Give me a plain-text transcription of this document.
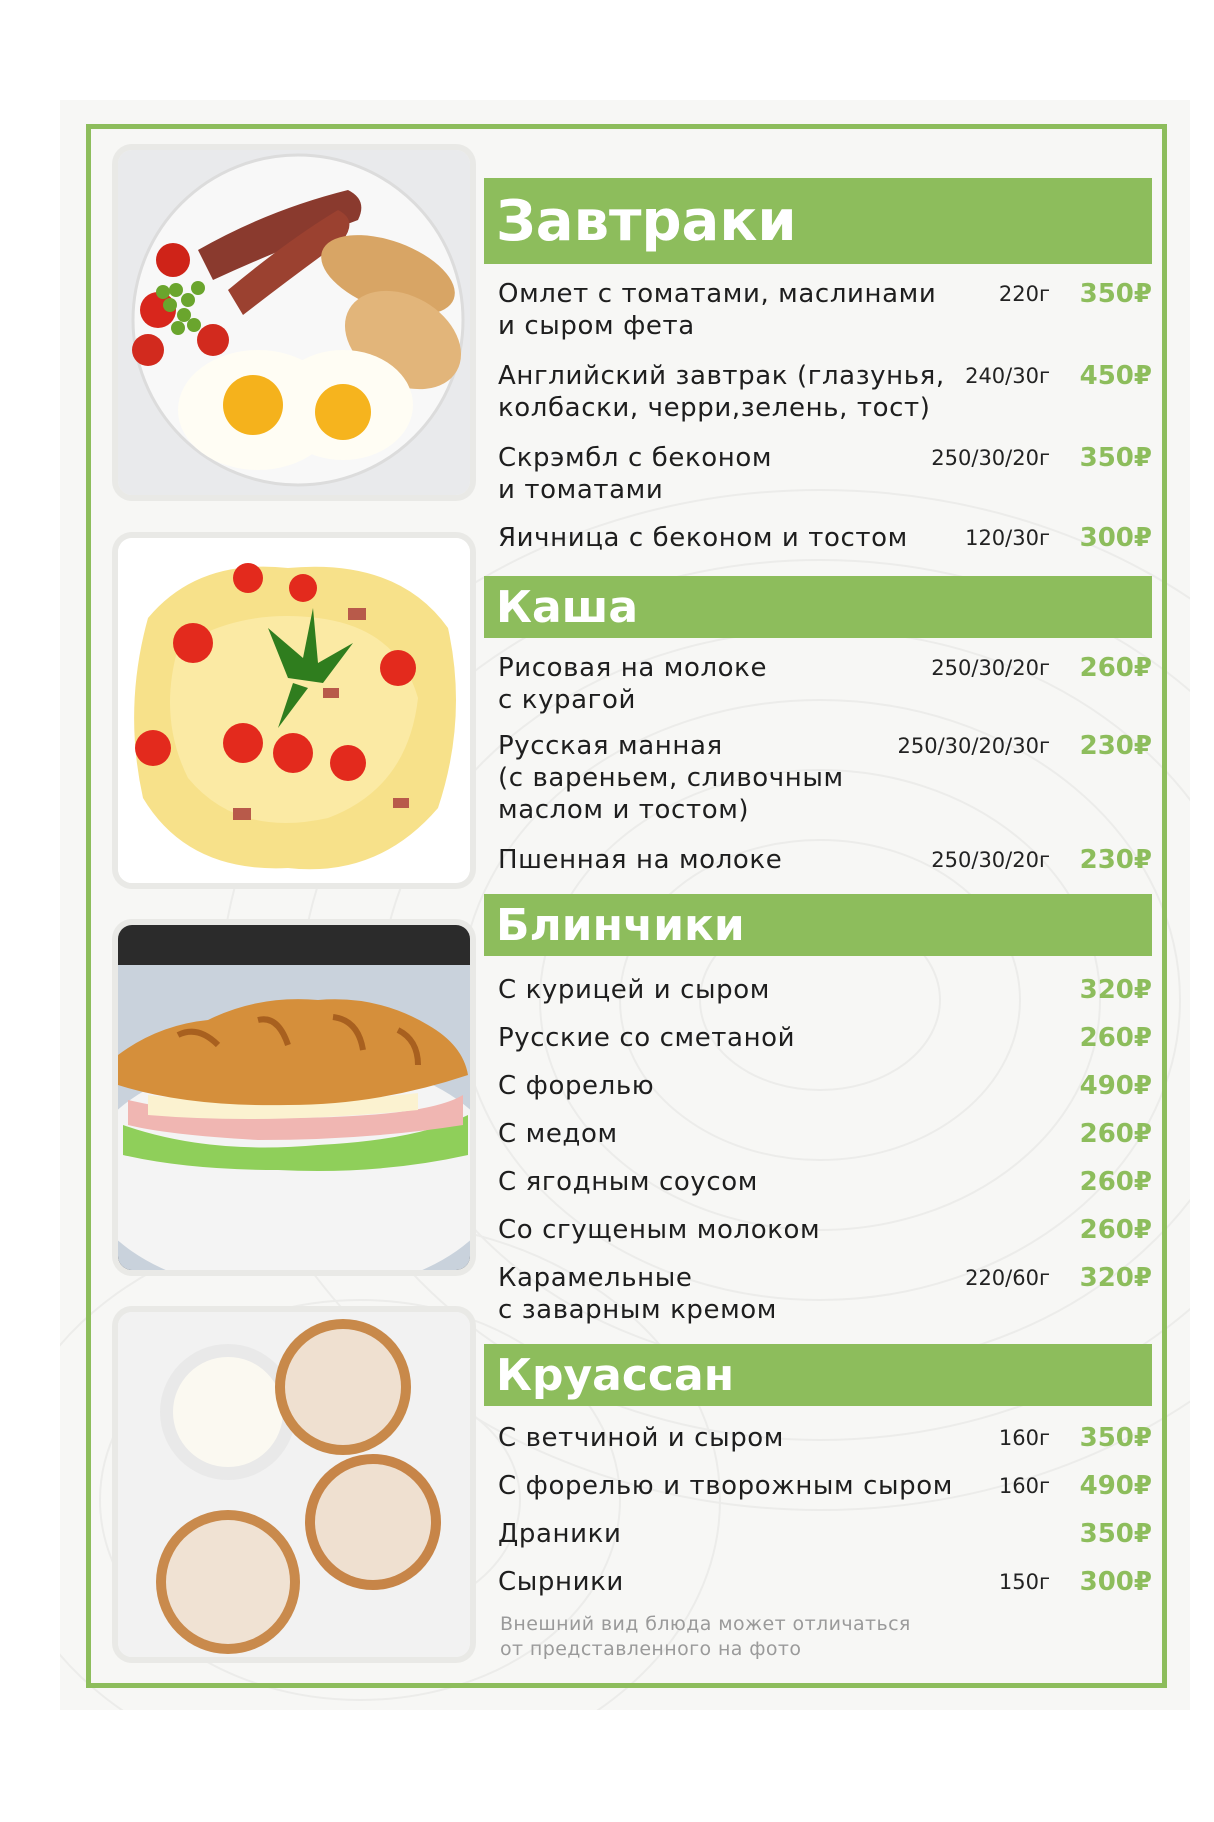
Завтраки
Омлет с томатами, маслинами
и сыром фета
220г 350₽
Английский завтрак (глазунья,
колбаски, черри,зелень, тост)
240/30г 450₽
Скрэмбл с беконом
и томатами
250/30/20г 350₽
Яичница с беконом и тостом	120/30г 300₽
Каша
Рисовая на молоке
с курагой
250/30/20г 260₽
Русская манная
(с вареньем, сливочным
маслом и тостом)
250/30/20/30г 230₽
Пшенная на молоке	250/30/20г 230₽
Блинчики
С курицей и сыром	320₽
Русские со сметаной	260₽
С форелью	490₽
С медом	260₽
С ягодным соусом	260₽
Со сгущеным молоком	260₽
Карамельные
с заварным кремом
220/60г 320₽
Круассан
С ветчиной и сыром	160г 350₽
С форелью и творожным сыром	160г 490₽
Драники	350₽
Сырники	150г 300₽
Внешний вид блюда может отличаться
от представленного на фото
